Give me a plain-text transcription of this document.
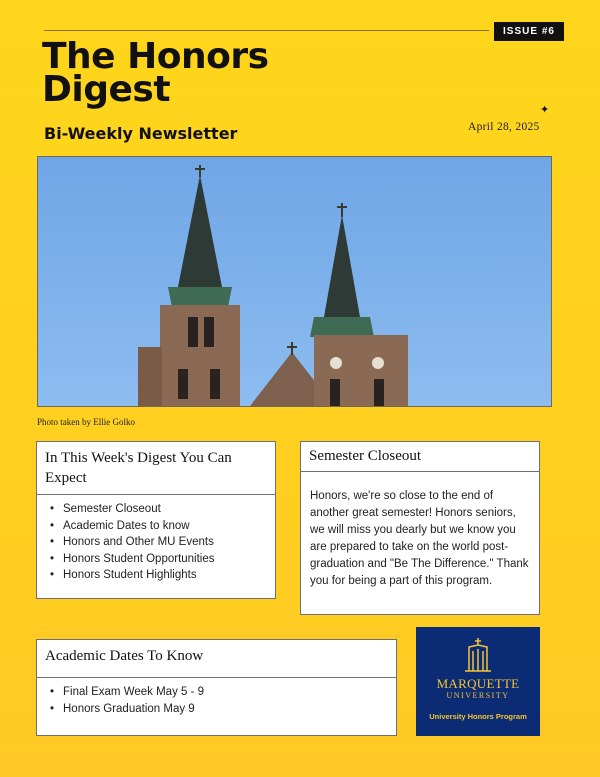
ISSUE #6
The Honors
Digest
Bi-Weekly Newsletter
✦
April 28, 2025
Photo taken by Ellie Golko
In This Week's Digest You Can Expect
• Semester Closeout
• Academic Dates to know
• Honors and Other MU Events
• Honors Student Opportunities
• Honors Student Highlights
Semester Closeout

Honors, we're so close to the end of another great semester! Honors seniors, we will miss you dearly but we know you are prepared to take on the world post-graduation and "Be The Difference." Thank you for being a part of this program.

Academic Dates To Know
• Final Exam Week May 5 - 9
• Honors Graduation May 9
MARQUETTE
UNIVERSITY
University Honors Program
